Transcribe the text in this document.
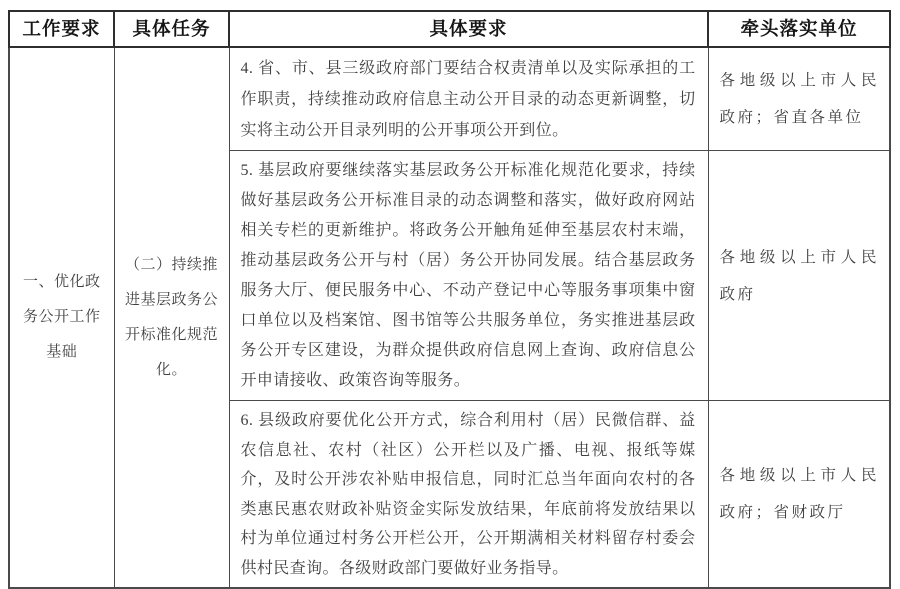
工作要求	具体任务	具体要求	牵头落实单位
一、优化政务公开工作基础	（二）持续推进基层政务公开标准化规范化。	4. 省、市、县三级政府部门要结合权责清单以及实际承担的工作职责，持续推动政府信息主动公开目录的动态更新调整，切实将主动公开目录列明的公开事项公开到位。	各地级以上市人民政府；省直各单位
		5. 基层政府要继续落实基层政务公开标准化规范化要求，持续做好基层政务公开标准目录的动态调整和落实，做好政府网站相关专栏的更新维护。将政务公开触角延伸至基层农村末端，推动基层政务公开与村（居）务公开协同发展。结合基层政务服务大厅、便民服务中心、不动产登记中心等服务事项集中窗口单位以及档案馆、图书馆等公共服务单位，务实推进基层政务公开专区建设，为群众提供政府信息网上查询、政府信息公开申请接收、政策咨询等服务。	各地级以上市人民政府
		6. 县级政府要优化公开方式，综合利用村（居）民微信群、益农信息社、农村（社区）公开栏以及广播、电视、报纸等媒介，及时公开涉农补贴申报信息，同时汇总当年面向农村的各类惠民惠农财政补贴资金实际发放结果，年底前将发放结果以村为单位通过村务公开栏公开，公开期满相关材料留存村委会供村民查询。各级财政部门要做好业务指导。	各地级以上市人民政府；省财政厅
